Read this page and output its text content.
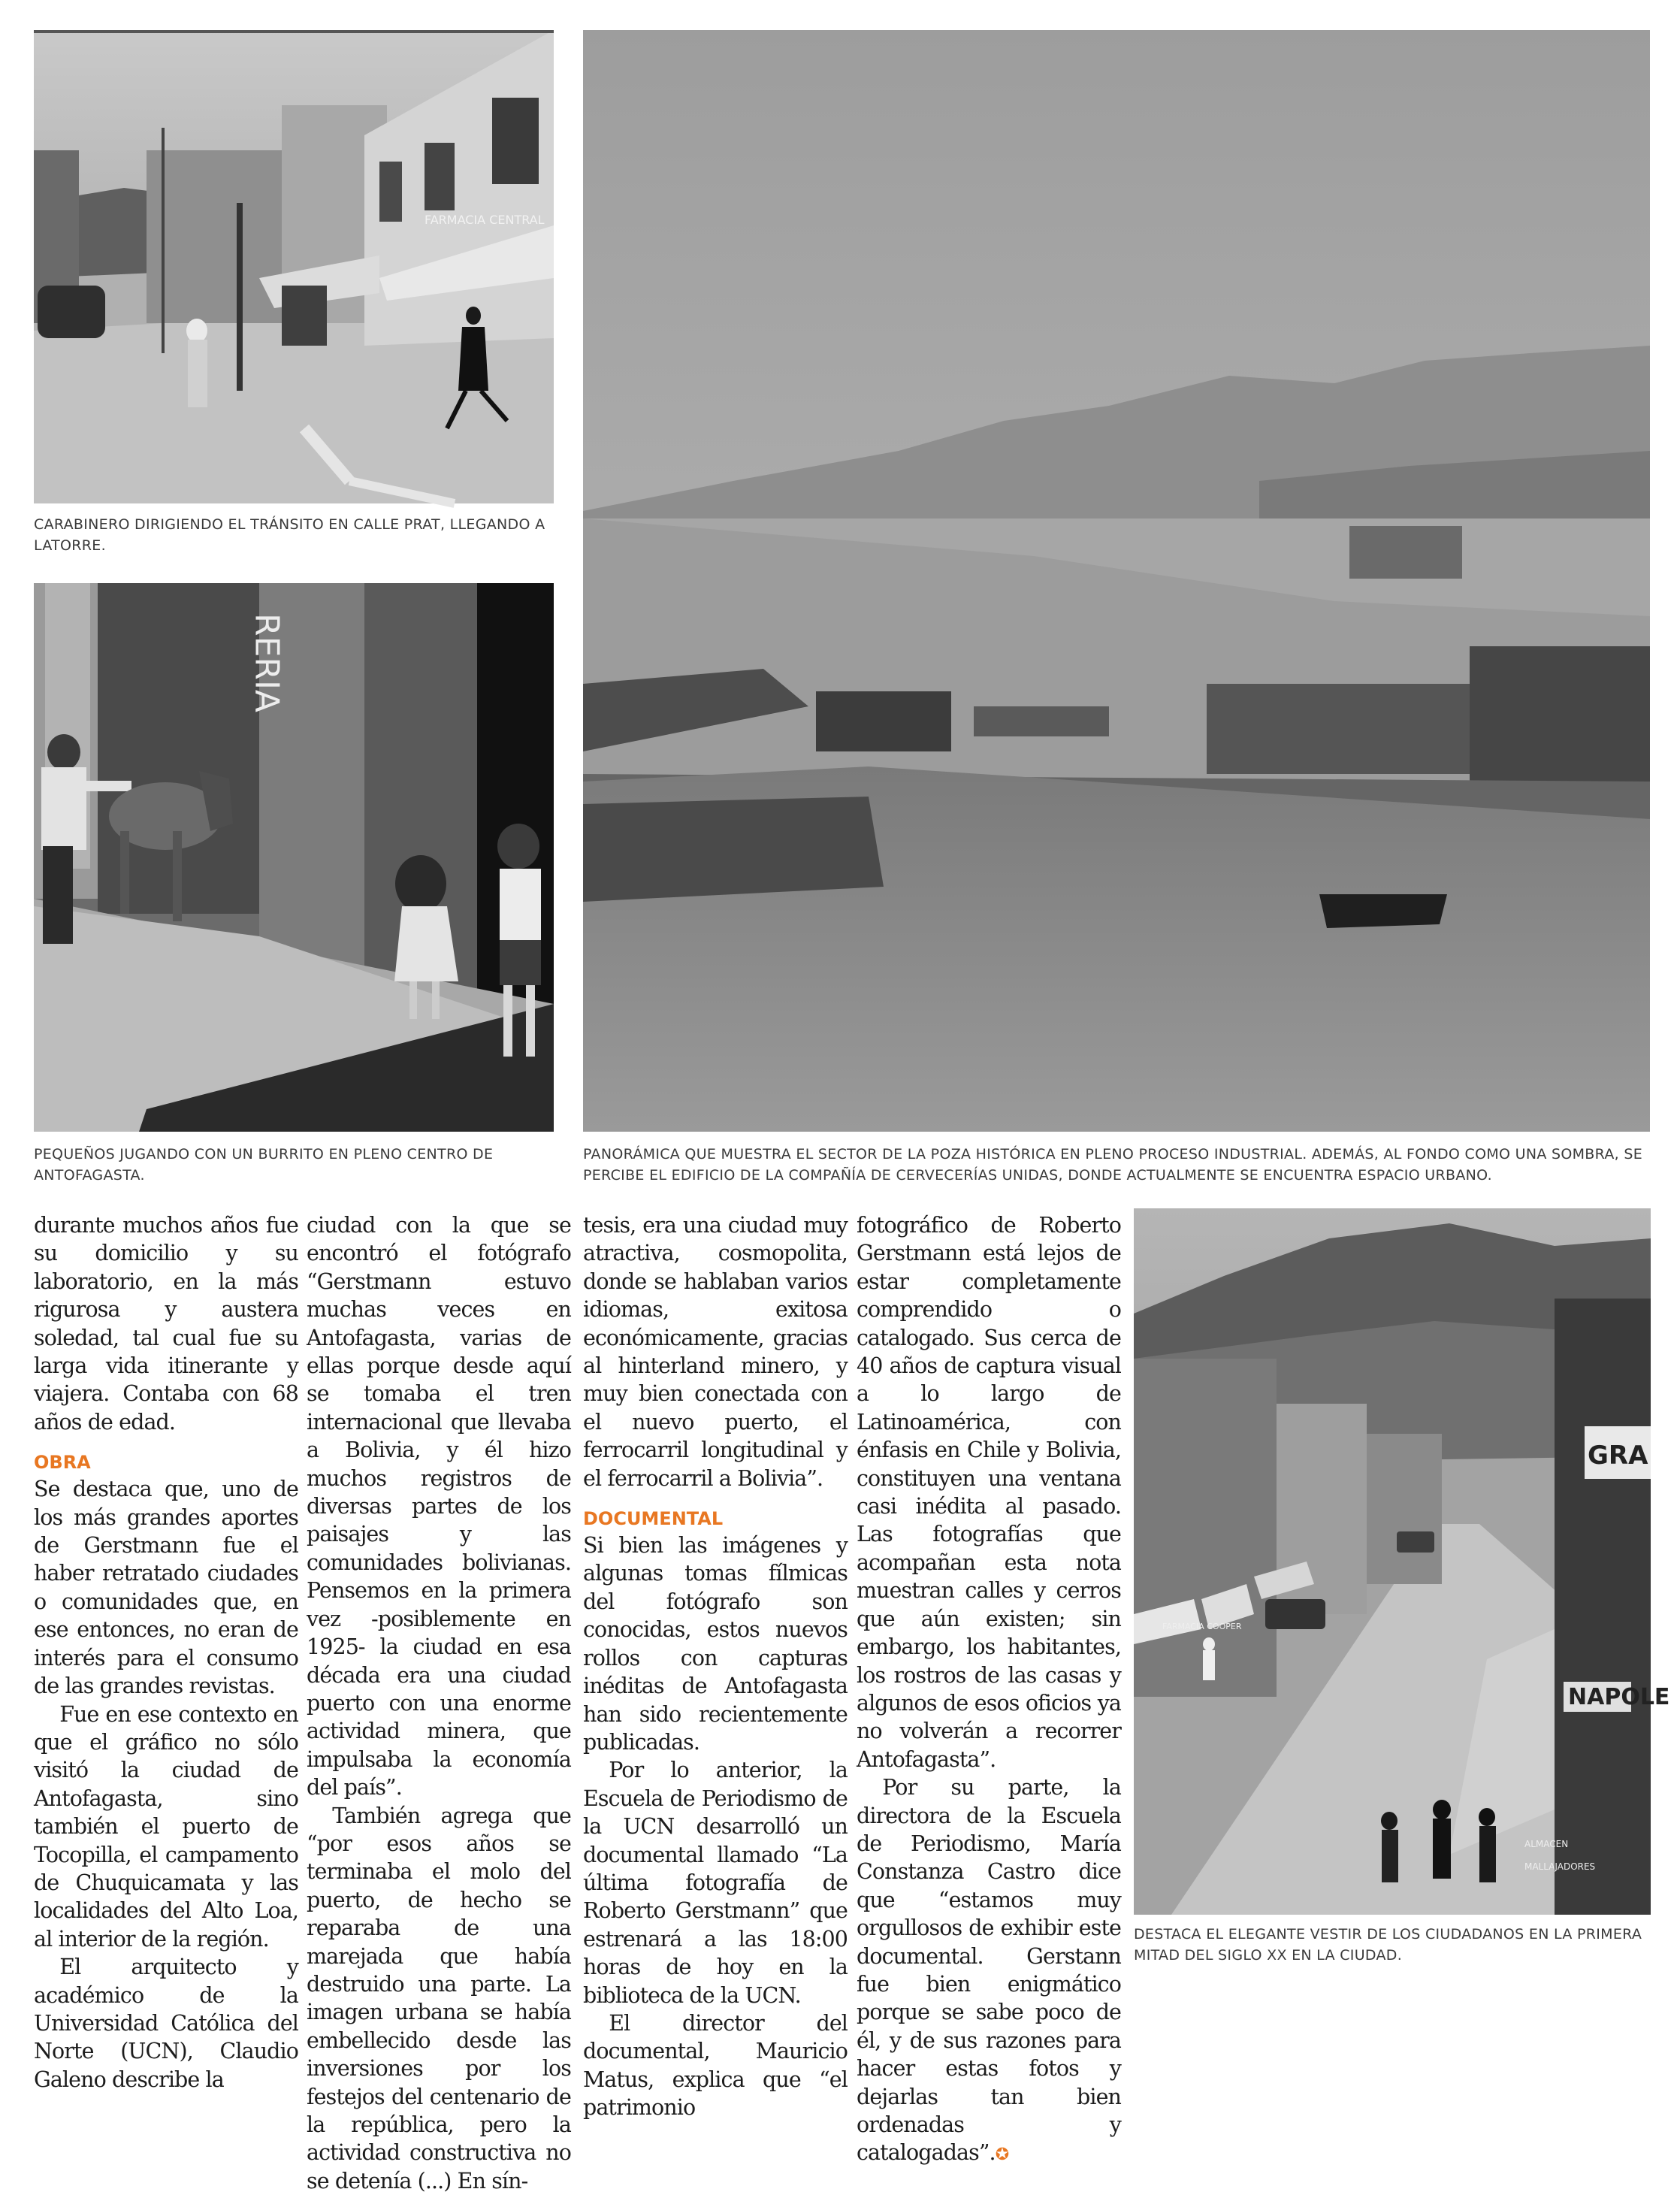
FARMACIA CENTRAL
CARABINERO DIRIGIENDO EL TRÁNSITO EN CALLE PRAT, LLEGANDO A LATORRE.
RERIA
PEQUEÑOS JUGANDO CON UN BURRITO EN PLENO CENTRO DE ANTOFAGASTA.
PANORÁMICA QUE MUESTRA EL SECTOR DE LA POZA HISTÓRICA EN PLENO PROCESO INDUSTRIAL. ADEMÁS, AL FONDO COMO UNA SOMBRA, SE PERCIBE EL EDIFICIO DE LA COMPAÑÍA DE CERVECERÍAS UNIDAS, DONDE ACTUALMENTE SE ENCUENTRA ESPACIO URBANO.
GRA
NAPOLE
FARMACIA COOPER
ALMACEN
MALLAJADORES
DESTACA EL ELEGANTE VESTIR DE LOS CIUDADANOS EN LA PRIMERA MITAD DEL SIGLO XX EN LA CIUDAD.

durante muchos años fue su domicilio y su laboratorio, en la más rigurosa y austera soledad, tal cual fue su larga vida itinerante y viajera. Contaba con 68 años de edad.

OBRA

Se destaca que, uno de los más grandes aportes de Gerstmann fue el haber retratado ciudades o comunidades que, en ese entonces, no eran de interés para el consumo de las grandes revistas.

Fue en ese contexto en que el gráfico no sólo visitó la ciudad de Antofagasta, sino también el puerto de Tocopilla, el campamento de Chuquicamata y las localidades del Alto Loa, al interior de la región.

El arquitecto y académico de la Universidad Católica del Norte (UCN), Claudio Galeno describe la

ciudad con la que se encontró el fotógrafo “Gerstmann estuvo muchas veces en Antofagasta, varias de ellas porque desde aquí se tomaba el tren internacional que llevaba a Bolivia, y él hizo muchos registros de diversas partes de los paisajes y las comunidades bolivianas. Pensemos en la primera vez -posiblemente en 1925- la ciudad en esa década era una ciudad puerto con una enorme actividad minera, que impulsaba la economía del país”.

También agrega que “por esos años se terminaba el molo del puerto, de hecho se reparaba de una marejada que había destruido una parte. La imagen urbana se había embellecido desde las inversiones por los festejos del centenario de la república, pero la actividad constructiva no se detenía (...) En sín-

tesis, era una ciudad muy atractiva, cosmopolita, donde se hablaban varios idiomas, exitosa económicamente, gracias al hinterland minero, y muy bien conectada con el nuevo puerto, el ferrocarril longitudinal y el ferrocarril a Bolivia”.

DOCUMENTAL

Si bien las imágenes y algunas tomas fílmicas del fotógrafo son conocidas, estos nuevos rollos con capturas inéditas de Antofagasta han sido recientemente publicadas.

Por lo anterior, la Escuela de Periodismo de la UCN desarrolló un documental llamado “La última fotografía de Roberto Gerstmann” que estrenará a las 18:00 horas de hoy en la biblioteca de la UCN.

El director del documental, Mauricio Matus, explica que “el patrimonio

fotográfico de Roberto Gerstmann está lejos de estar completamente comprendido o catalogado. Sus cerca de 40 años de captura visual a lo largo de Latinoamérica, con énfasis en Chile y Bolivia, constituyen una ventana casi inédita al pasado. Las fotografías que acompañan esta nota muestran calles y cerros que aún existen; sin embargo, los habitantes, los rostros de las casas y algunos de esos oficios ya no volverán a recorrer Antofagasta”.

Por su parte, la directora de la Escuela de Periodismo, María Constanza Castro dice que “estamos muy orgullosos de exhibir este documental. Gerstann fue bien enigmático porque se sabe poco de él, y de sus razones para hacer estas fotos y dejarlas tan bien ordenadas y catalogadas”.✪
